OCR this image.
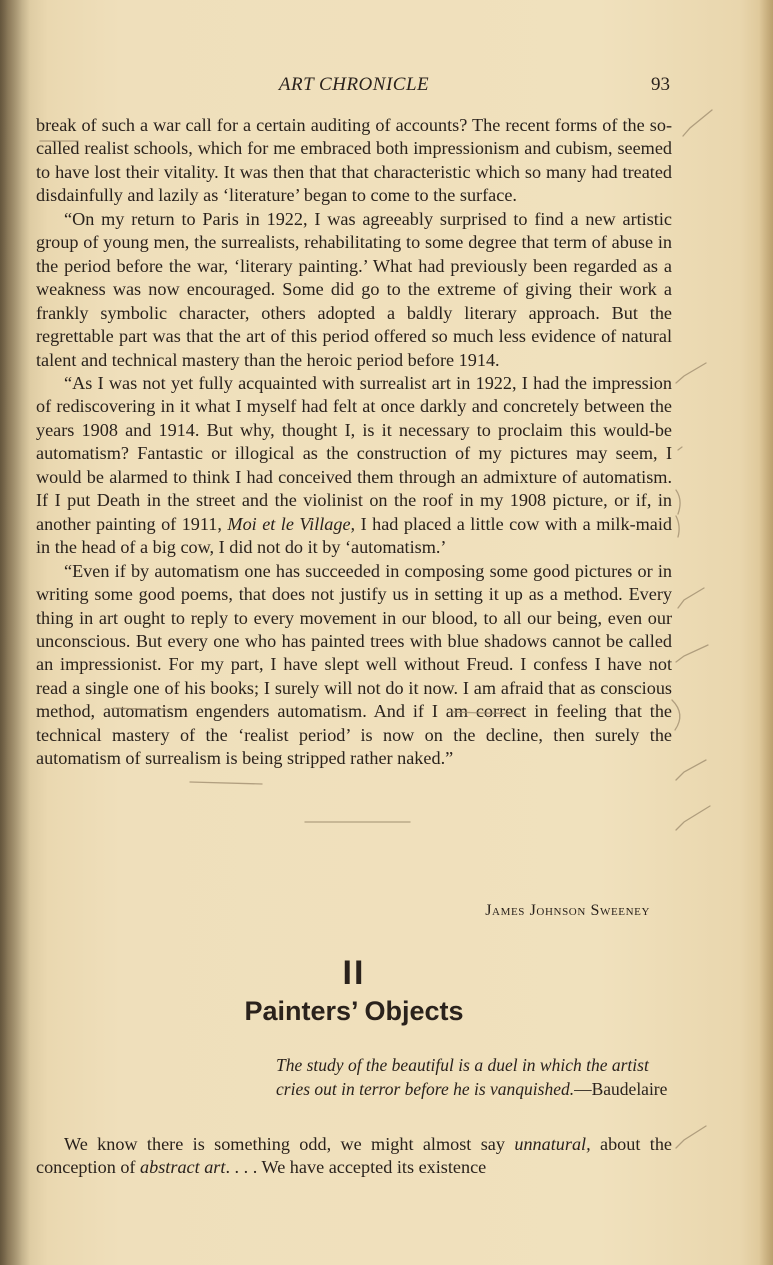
ART CHRONICLE	93

break of such a war call for a certain auditing of accounts? The recent forms of the so-called realist schools, which for me embraced both impressionism and cubism, seemed to have lost their vitality. It was then that that characteristic which so many had treated disdainfully and lazily as ‘literature’ began to come to the surface.

“On my return to Paris in 1922, I was agreeably surprised to find a new artistic group of young men, the surrealists, rehabilitating to some degree that term of abuse in the period before the war, ‘literary painting.’ What had previously been regarded as a weakness was now encouraged. Some did go to the extreme of giving their work a frankly symbolic character, others adopted a baldly literary approach. But the regrettable part was that the art of this period offered so much less evidence of natural talent and technical mastery than the heroic period before 1914.

“As I was not yet fully acquainted with surrealist art in 1922, I had the impression of rediscovering in it what I myself had felt at once darkly and concretely between the years 1908 and 1914. But why, thought I, is it necessary to proclaim this would-be automatism? Fantastic or illogical as the construction of my pictures may seem, I would be alarmed to think I had conceived them through an admixture of automatism. If I put Death in the street and the violinist on the roof in my 1908 picture, or if, in another painting of 1911, Moi et le Village, I had placed a little cow with a milk-maid in the head of a big cow, I did not do it by ‘automatism.’

“Even if by automatism one has succeeded in composing some good pictures or in writing some good poems, that does not justify us in setting it up as a method. Every thing in art ought to reply to every movement in our blood, to all our being, even our unconscious. But every one who has painted trees with blue shadows cannot be called an impressionist. For my part, I have slept well without Freud. I confess I have not read a single one of his books; I surely will not do it now. I am afraid that as conscious method, automatism engenders automatism. And if I am correct in feeling that the technical mastery of the ‘realist period’ is now on the decline, then surely the automatism of surrealism is being stripped rather naked.”

James Johnson Sweeney
II
Painters’ Objects
The study of the beautiful is a duel in which the artist cries out in terror before he is vanquished.—Baudelaire

We know there is something odd, we might almost say unnatural, about the conception of abstract art. . . . We have accepted its existence
